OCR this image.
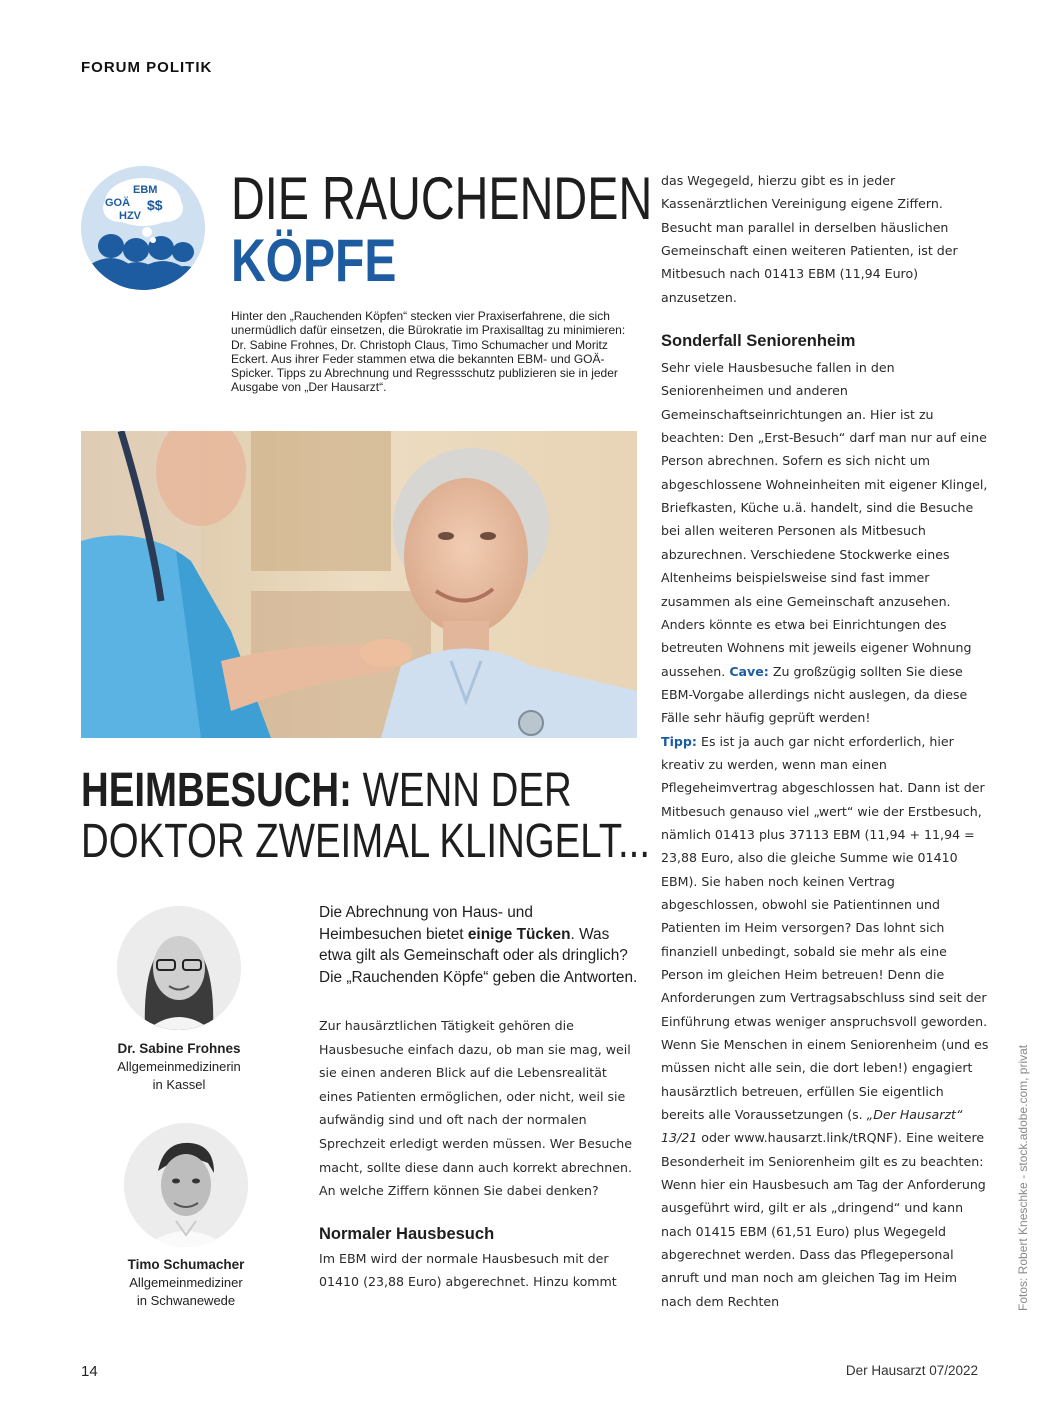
FORUM POLITIK
EBM
GOÄ $$
HZV DIE RAUCHENDEN
KÖPFE

Hinter den „Rauchenden Köpfen“ stecken vier Praxiserfahrene, die sich unermüdlich dafür einsetzen, die Bürokratie im Praxisalltag zu minimieren: Dr. Sabine Frohnes, Dr. Christoph Claus, Timo Schumacher und Moritz Eckert. Aus ihrer Feder stammen etwa die bekannten EBM- und GOÄ-Spicker. Tipps zu Abrechnung und Regressschutz publizieren sie in jeder Ausgabe von „Der Hausarzt“.

HEIMBESUCH: WENN DER
DOKTOR ZWEIMAL KLINGELT...
Dr. Sabine Frohnes
Allgemeinmedizinerin
in Kassel
Timo Schumacher
Allgemeinmediziner
in Schwanewede
Die Abrechnung von Haus- und Heimbesuchen bietet einige Tücken. Was etwa gilt als Gemeinschaft oder als dringlich? Die „Rauchenden Köpfe“ geben die Antworten.

Zur hausärztlichen Tätigkeit gehören die Hausbesuche einfach dazu, ob man sie mag, weil sie einen anderen Blick auf die Lebensrealität eines Patienten ermöglichen, oder nicht, weil sie aufwändig sind und oft nach der normalen Sprechzeit erledigt werden müssen. Wer Besuche macht, sollte diese dann auch korrekt abrechnen. An welche Ziffern können Sie dabei denken?

Normaler Hausbesuch

Im EBM wird der normale Hausbesuch mit der 01410 (23,88 Euro) abgerechnet. Hinzu kommt

das Wegegeld, hierzu gibt es in jeder Kassenärztlichen Vereinigung eigene Ziffern. Besucht man parallel in derselben häuslichen Gemeinschaft einen weiteren Patienten, ist der Mitbesuch nach 01413 EBM (11,94 Euro) anzusetzen.

Sonderfall Seniorenheim

Sehr viele Hausbesuche fallen in den Seniorenheimen und anderen Gemeinschaftseinrichtungen an. Hier ist zu beachten: Den „Erst-Besuch“ darf man nur auf eine Person abrechnen. Sofern es sich nicht um abgeschlossene Wohneinheiten mit eigener Klingel, Briefkasten, Küche u.ä. handelt, sind die Besuche bei allen weiteren Personen als Mitbesuch abzurechnen. Verschiedene Stockwerke eines Altenheims beispielsweise sind fast immer zusammen als eine Gemeinschaft anzusehen. Anders könnte es etwa bei Einrichtungen des betreuten Wohnens mit jeweils eigener Wohnung aussehen. Cave: Zu großzügig sollten Sie diese EBM-Vorgabe allerdings nicht auslegen, da diese Fälle sehr häufig geprüft werden!

Tipp: Es ist ja auch gar nicht erforderlich, hier kreativ zu werden, wenn man einen Pflegeheimvertrag abgeschlossen hat. Dann ist der Mitbesuch genauso viel „wert“ wie der Erstbesuch, nämlich 01413 plus 37113 EBM (11,94 + 11,94 = 23,88 Euro, also die gleiche Summe wie 01410 EBM). Sie haben noch keinen Vertrag abgeschlossen, obwohl sie Patientinnen und Patienten im Heim versorgen? Das lohnt sich finanziell unbedingt, sobald sie mehr als eine Person im gleichen Heim betreuen! Denn die Anforderungen zum Vertragsabschluss sind seit der Einführung etwas weniger anspruchsvoll geworden. Wenn Sie Menschen in einem Seniorenheim (und es müssen nicht alle sein, die dort leben!) engagiert hausärztlich betreuen, erfüllen Sie eigentlich bereits alle Voraussetzungen (s. „Der Hausarzt“ 13/21 oder www.hausarzt.link/tRQNF). Eine weitere Besonderheit im Seniorenheim gilt es zu beachten: Wenn hier ein Hausbesuch am Tag der Anforderung ausgeführt wird, gilt er als „dringend“ und kann nach 01415 EBM (61,51 Euro) plus Wegegeld abgerechnet werden. Dass das Pflegepersonal anruft und man noch am gleichen Tag im Heim nach dem Rechten	Fotos: Robert Kneschke - stock.adobe.com, privat
14	Der Hausarzt 07/2022
